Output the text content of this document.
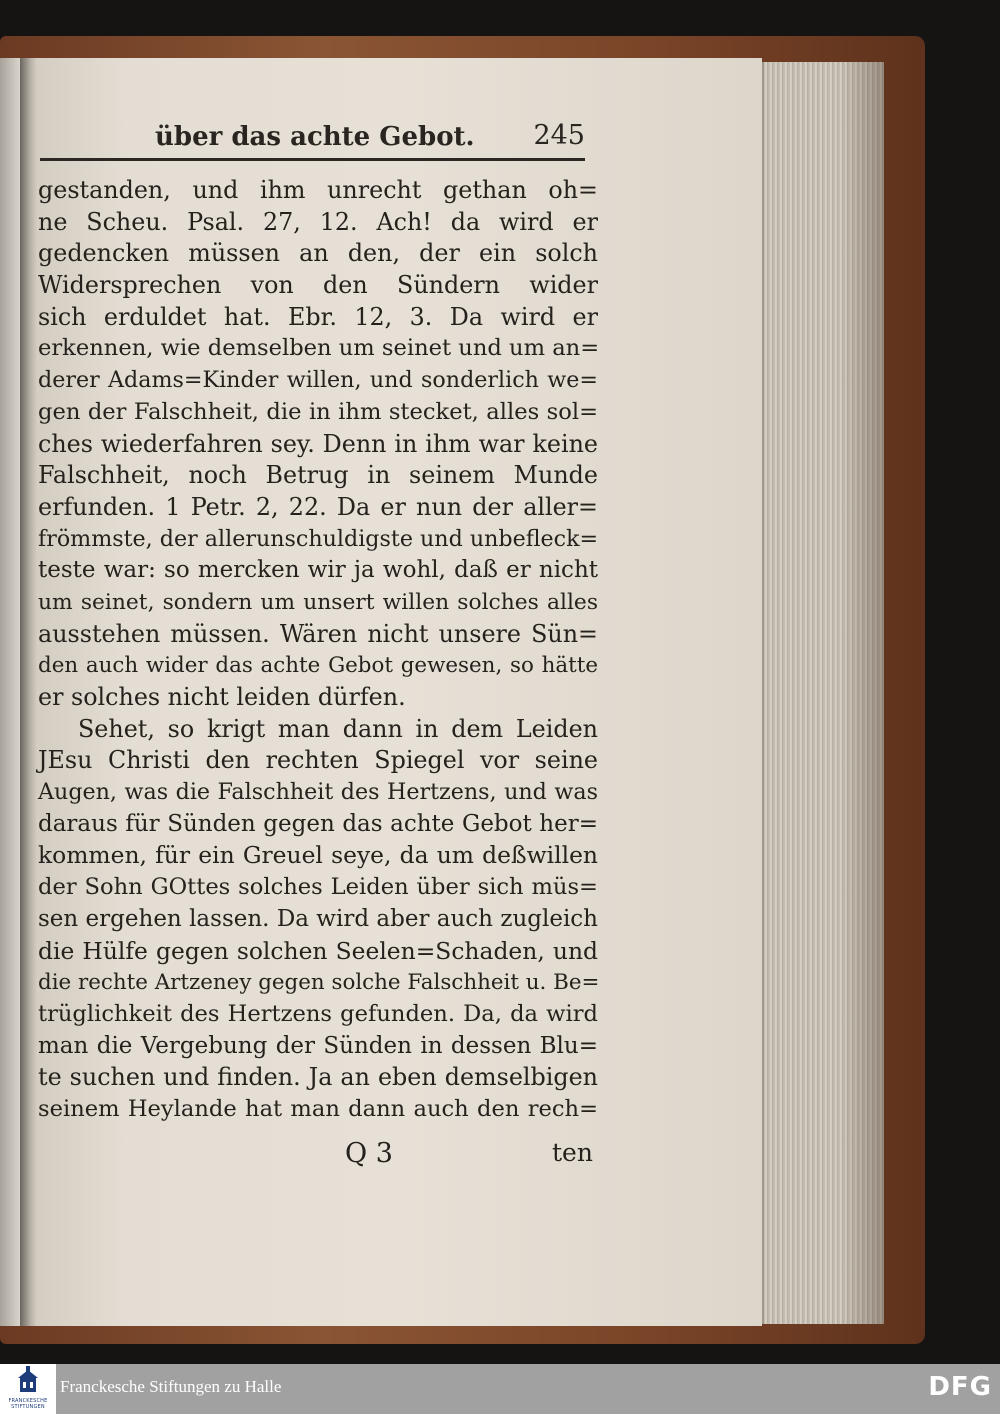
über das achte Gebot. 245
gestanden, und ihm unrecht gethan oh=
ne Scheu. Psal. 27, 12. Ach! da wird er
gedencken müssen an den, der ein solch
Widersprechen von den Sündern wider
sich erduldet hat. Ebr. 12, 3. Da wird er
erkennen, wie demselben um seinet und um an=
derer Adams=Kinder willen, und sonderlich we=
gen der Falschheit, die in ihm stecket, alles sol=
ches wiederfahren sey. Denn in ihm war keine
Falschheit, noch Betrug in seinem Munde
erfunden. 1 Petr. 2, 22. Da er nun der aller=
frömmste, der allerunschuldigste und unbefleck=
teste war: so mercken wir ja wohl, daß er nicht
um seinet, sondern um unsert willen solches alles
ausstehen müssen. Wären nicht unsere Sün=
den auch wider das achte Gebot gewesen, so hätte
er solches nicht leiden dürfen.
Sehet, so krigt man dann in dem Leiden
JEsu Christi den rechten Spiegel vor seine
Augen, was die Falschheit des Hertzens, und was
daraus für Sünden gegen das achte Gebot her=
kommen, für ein Greuel seye, da um deßwillen
der Sohn GOttes solches Leiden über sich müs=
sen ergehen lassen. Da wird aber auch zugleich
die Hülfe gegen solchen Seelen=Schaden, und
die rechte Artzeney gegen solche Falschheit u. Be=
trüglichkeit des Hertzens gefunden. Da, da wird
man die Vergebung der Sünden in dessen Blu=
te suchen und finden. Ja an eben demselbigen
seinem Heylande hat man dann auch den rech=
Q 3	ten
FRANCKESCHE STIFTUNGEN
Franckesche Stiftungen zu Halle	DFG
